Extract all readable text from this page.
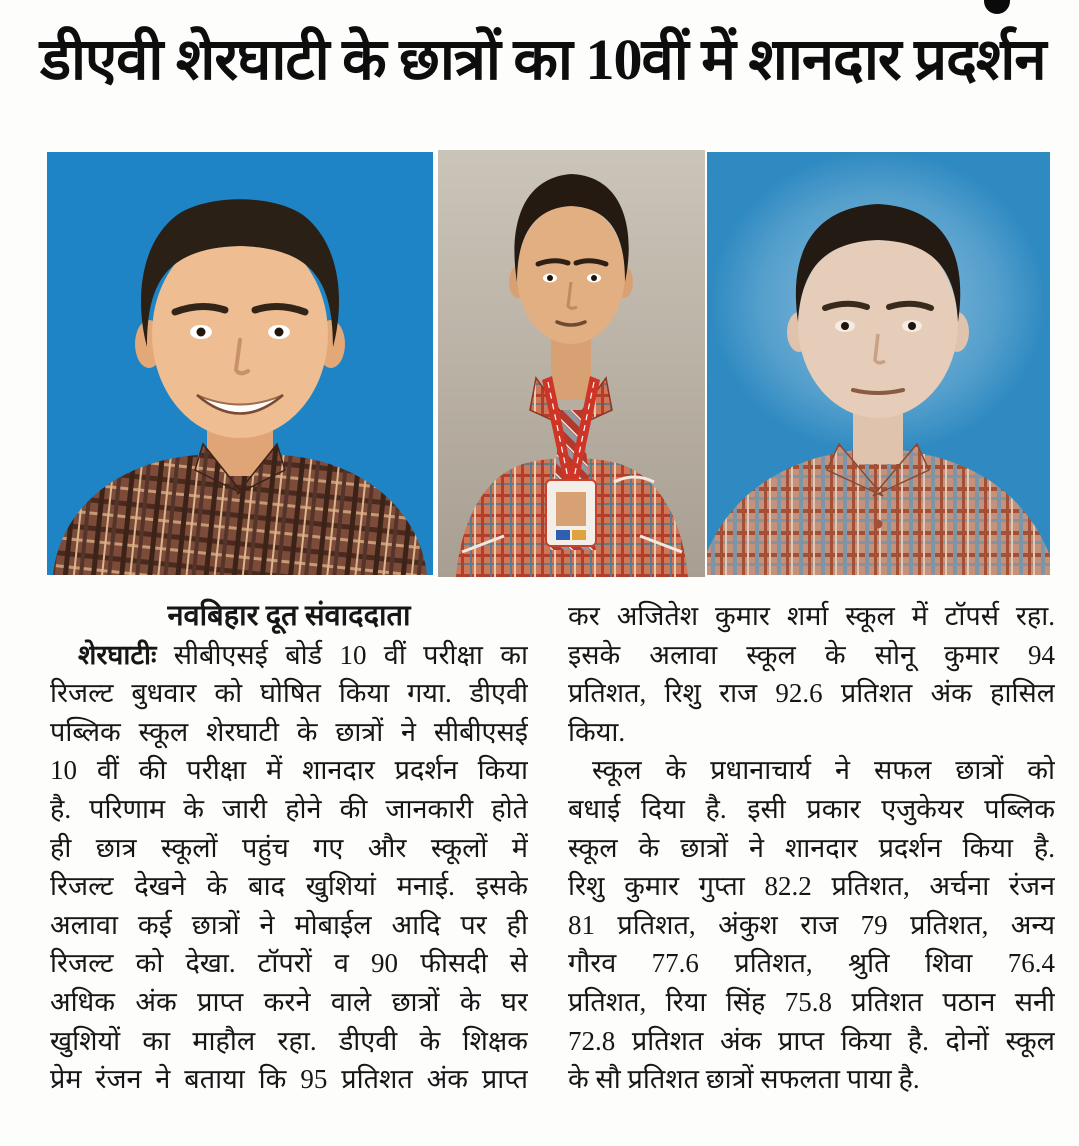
डीएवी शेरघाटी के छात्रों का 10वीं में शानदार प्रदर्शन
नवबिहार दूत संवाददाता
शेरघाटीः सीबीएसई बोर्ड 10 वीं परीक्षा का
रिजल्ट बुधवार को घोषित किया गया. डीएवी
पब्लिक स्कूल शेरघाटी के छात्रों ने सीबीएसई
10 वीं की परीक्षा में शानदार प्रदर्शन किया
है. परिणाम के जारी होने की जानकारी होते
ही छात्र स्कूलों पहुंच गए और स्कूलों में
रिजल्ट देखने के बाद खुशियां मनाई. इसके
अलावा कई छात्रों ने मोबाईल आदि पर ही
रिजल्ट को देखा. टॉपरों व 90 फीसदी से
अधिक अंक प्राप्त करने वाले छात्रों के घर
खुशियों का माहौल रहा. डीएवी के शिक्षक
प्रेम रंजन ने बताया कि 95 प्रतिशत अंक प्राप्त
कर अजितेश कुमार शर्मा स्कूल में टॉपर्स रहा.
इसके अलावा स्कूल के सोनू कुमार 94
प्रतिशत, रिशु राज 92.6 प्रतिशत अंक हासिल
किया.
स्कूल के प्रधानाचार्य ने सफल छात्रों को
बधाई दिया है. इसी प्रकार एजुकेयर पब्लिक
स्कूल के छात्रों ने शानदार प्रदर्शन किया है.
रिशु कुमार गुप्ता 82.2 प्रतिशत, अर्चना रंजन
81 प्रतिशत, अंकुश राज 79 प्रतिशत, अन्य
गौरव 77.6 प्रतिशत, श्रुति शिवा 76.4
प्रतिशत, रिया सिंह 75.8 प्रतिशत पठान सनी
72.8 प्रतिशत अंक प्राप्त किया है. दोनों स्कूल
के सौ प्रतिशत छात्रों सफलता पाया है.
